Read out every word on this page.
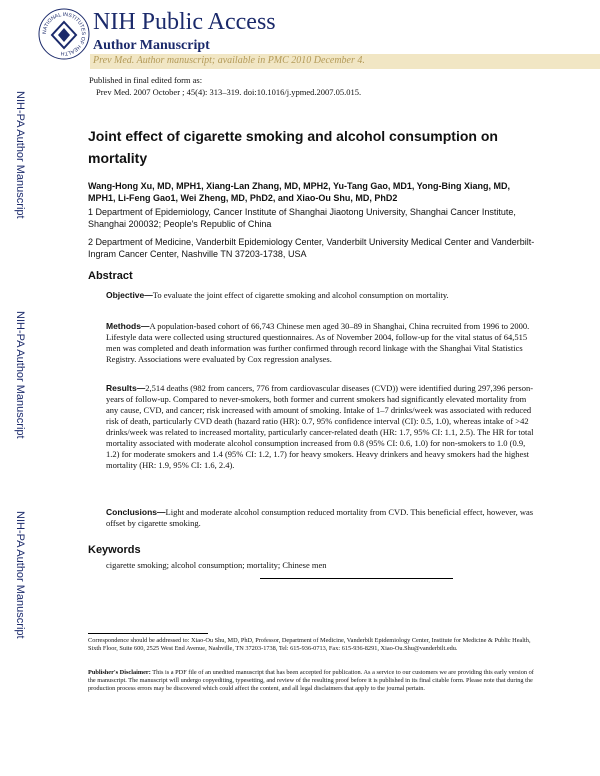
NATIONAL INSTITUTES OF HEALTH
NIH Public Access
Author Manuscript
Prev Med. Author manuscript; available in PMC 2010 December 4.
Published in final edited form as:
Prev Med. 2007 October ; 45(4): 313–319. doi:10.1016/j.ypmed.2007.05.015.
NIH-PA Author Manuscript
NIH-PA Author Manuscript
NIH-PA Author Manuscript
Joint effect of cigarette smoking and alcohol consumption on mortality
Wang-Hong Xu, MD, MPH1, Xiang-Lan Zhang, MD, MPH2, Yu-Tang Gao, MD1, Yong-Bing Xiang, MD, MPH1, Li-Feng Gao1, Wei Zheng, MD, PhD2, and Xiao-Ou Shu, MD, PhD2
1 Department of Epidemiology, Cancer Institute of Shanghai Jiaotong University, Shanghai Cancer Institute, Shanghai 200032; People's Republic of China
2 Department of Medicine, Vanderbilt Epidemiology Center, Vanderbilt University Medical Center and Vanderbilt-Ingram Cancer Center, Nashville TN 37203-1738, USA
Abstract
Objective—To evaluate the joint effect of cigarette smoking and alcohol consumption on mortality.
Methods—A population-based cohort of 66,743 Chinese men aged 30–89 in Shanghai, China recruited from 1996 to 2000. Lifestyle data were collected using structured questionnaires. As of November 2004, follow-up for the vital status of 64,515 men was completed and death information was further confirmed through record linkage with the Shanghai Vital Statistics Registry. Associations were evaluated by Cox regression analyses.
Results—2,514 deaths (982 from cancers, 776 from cardiovascular diseases (CVD)) were identified during 297,396 person-years of follow-up. Compared to never-smokers, both former and current smokers had significantly elevated mortality from any cause, CVD, and cancer; risk increased with amount of smoking. Intake of 1–7 drinks/week was associated with reduced risk of death, particularly CVD death (hazard ratio (HR): 0.7, 95% confidence interval (CI): 0.5, 1.0), whereas intake of >42 drinks/week was related to increased mortality, particularly cancer-related death (HR: 1.7, 95% CI: 1.1, 2.5). The HR for total mortality associated with moderate alcohol consumption increased from 0.8 (95% CI: 0.6, 1.0) for non-smokers to 1.0 (0.9, 1.2) for moderate smokers and 1.4 (95% CI: 1.2, 1.7) for heavy smokers. Heavy drinkers and heavy smokers had the highest mortality (HR: 1.9, 95% CI: 1.6, 2.4).
Conclusions—Light and moderate alcohol consumption reduced mortality from CVD. This beneficial effect, however, was offset by cigarette smoking.
Keywords
cigarette smoking; alcohol consumption; mortality; Chinese men
Correspondence should be addressed to: Xiao-Ou Shu, MD, PhD, Professor, Department of Medicine, Vanderbilt Epidemiology Center, Institute for Medicine & Public Health, Sixth Floor, Suite 600, 2525 West End Avenue, Nashville, TN 37203-1738, Tel: 615-936-0713, Fax: 615-936-8291, Xiao-Ou.Shu@vanderbilt.edu.
Publisher's Disclaimer: This is a PDF file of an unedited manuscript that has been accepted for publication. As a service to our customers we are providing this early version of the manuscript. The manuscript will undergo copyediting, typesetting, and review of the resulting proof before it is published in its final citable form. Please note that during the production process errors may be discovered which could affect the content, and all legal disclaimers that apply to the journal pertain.
